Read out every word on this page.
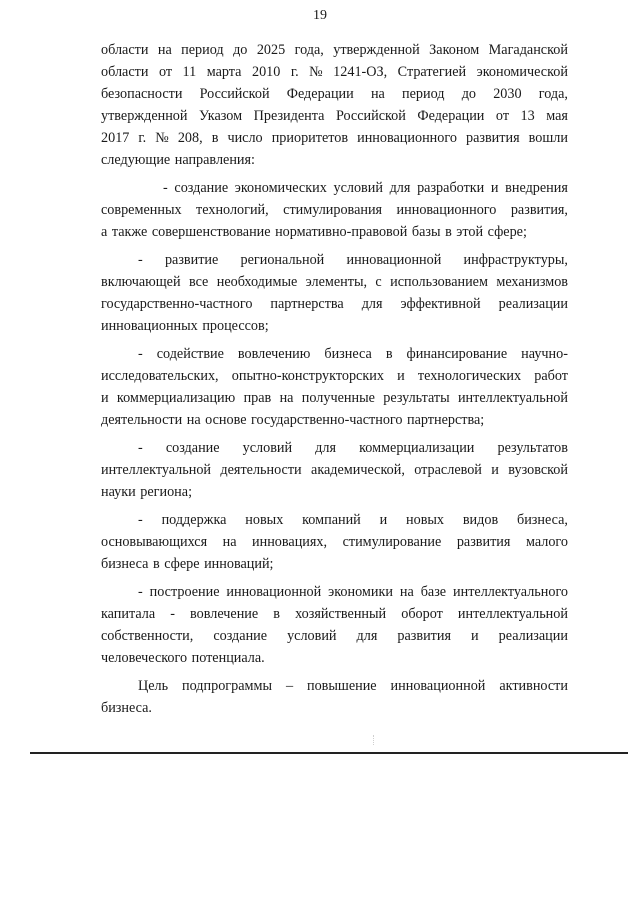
19
области на период до 2025 года, утвержденной Законом Магаданской
области от 11 марта 2010 г. № 1241-ОЗ, Стратегией экономической
безопасности Российской Федерации на период до 2030 года,
утвержденной Указом Президента Российской Федерации от 13 мая
2017 г. № 208, в число приоритетов инновационного развития вошли
следующие направления:
- создание экономических условий для разработки и внедрения
современных технологий, стимулирования инновационного развития,
а также совершенствование нормативно-правовой базы в этой сфере;
- развитие региональной инновационной инфраструктуры,
включающей все необходимые элементы, с использованием механизмов
государственно-частного партнерства для эффективной реализации
инновационных процессов;
- содействие вовлечению бизнеса в финансирование научно-
исследовательских, опытно-конструкторских и технологических работ
и коммерциализацию прав на полученные результаты интеллектуальной
деятельности на основе государственно-частного партнерства;
- создание условий для коммерциализации результатов
интеллектуальной деятельности академической, отраслевой и вузовской
науки региона;
- поддержка новых компаний и новых видов бизнеса,
основывающихся на инновациях, стимулирование развития малого
бизнеса в сфере инноваций;
- построение инновационной экономики на базе интеллектуального
капитала - вовлечение в хозяйственный оборот интеллектуальной
собственности, создание условий для развития и реализации
человеческого потенциала.
Цель подпрограммы – повышение инновационной активности
бизнеса.
